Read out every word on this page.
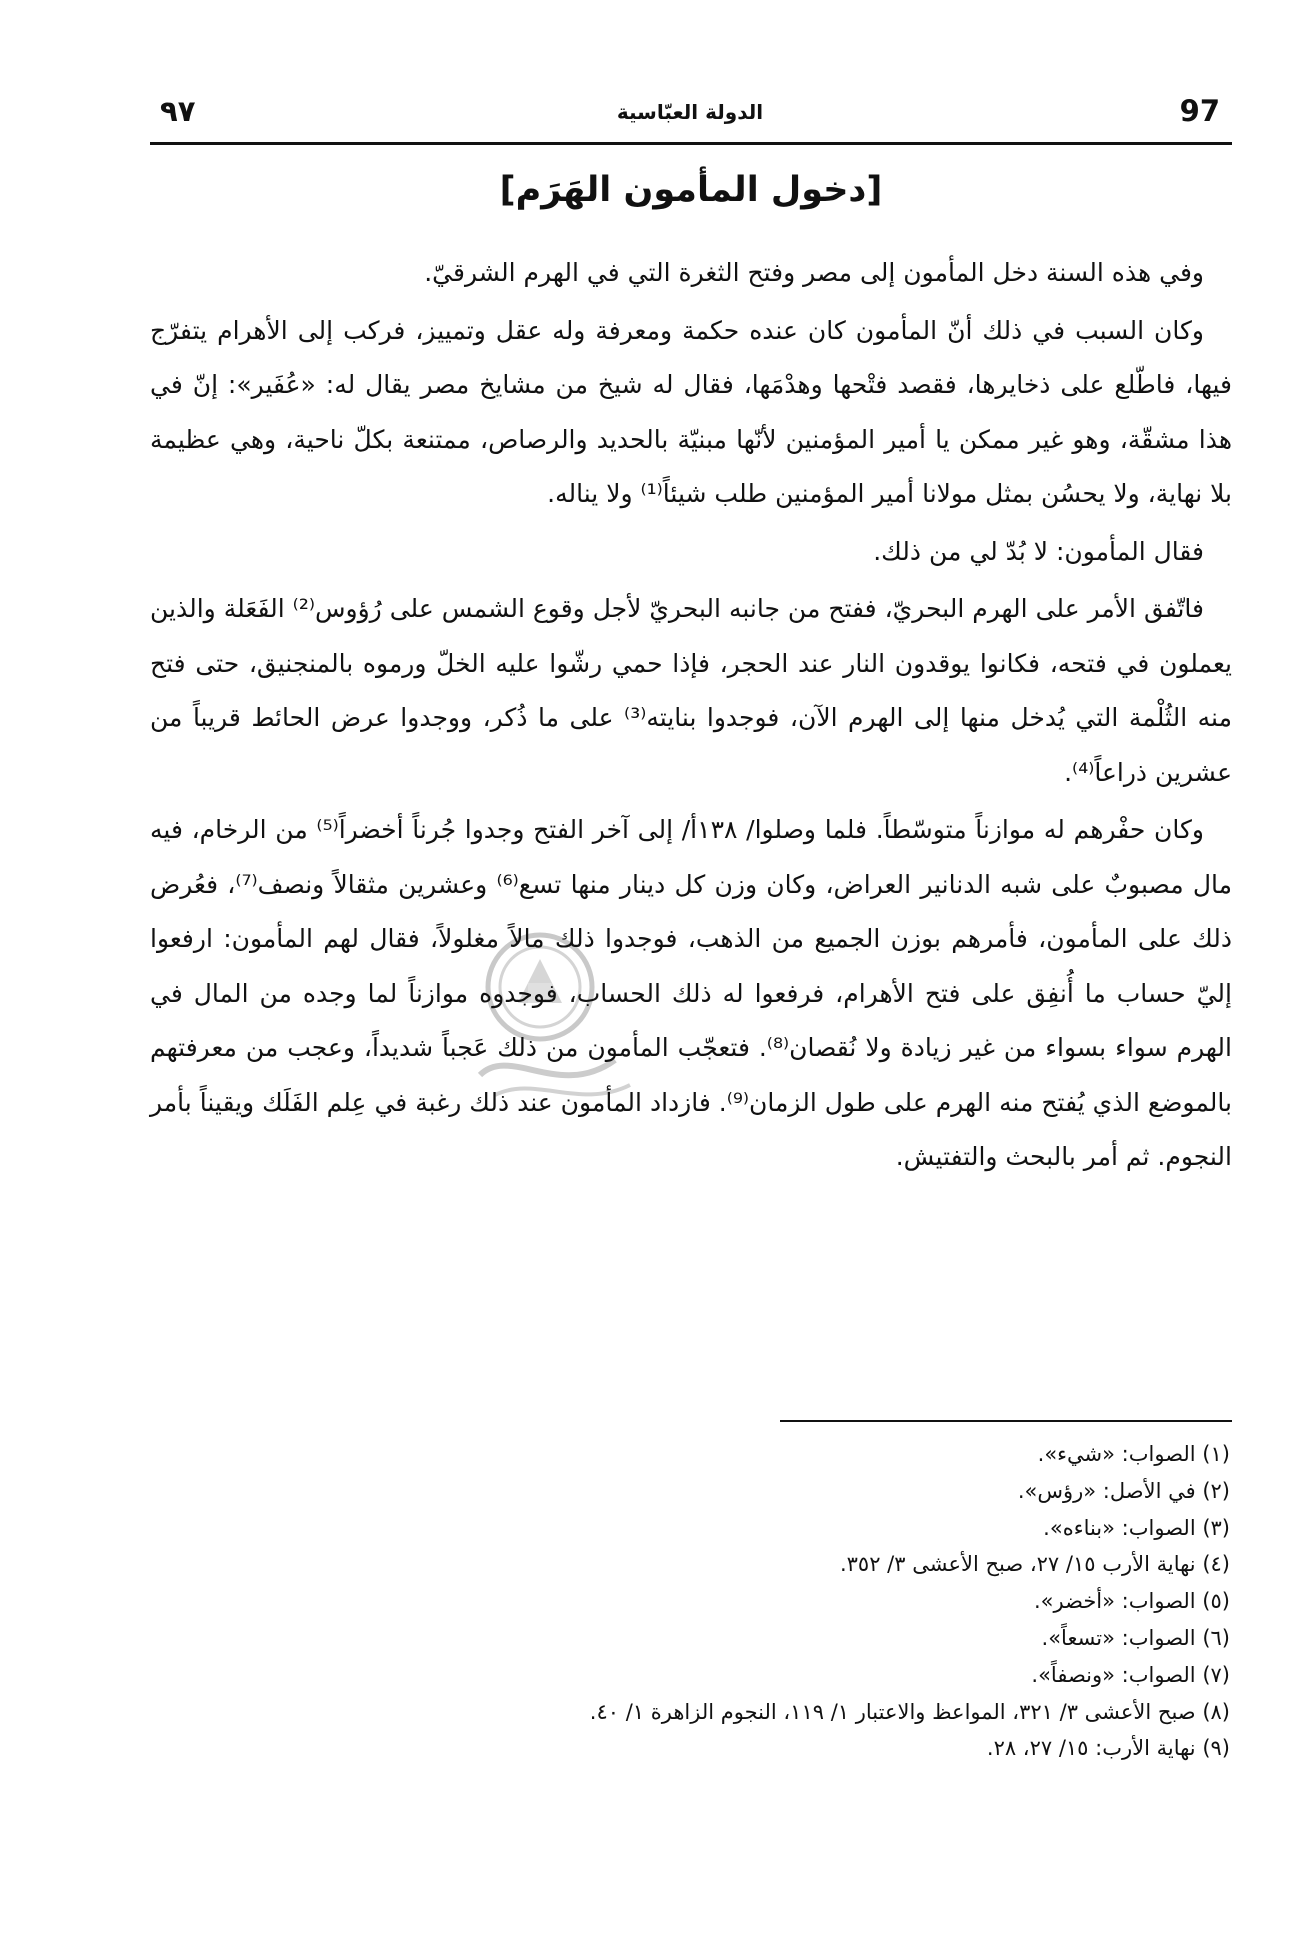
٩٧	الدولة العبّاسية	97
[دخول المأمون الهَرَم]

وفي هذه السنة دخل المأمون إلى مصر وفتح الثغرة التي في الهرم الشرقيّ.

وكان السبب في ذلك أنّ المأمون كان عنده حكمة ومعرفة وله عقل وتمييز، فركب إلى الأهرام يتفرّج فيها، فاطّلع على ذخايرها، فقصد فتْحها وهدْمَها، فقال له شيخ من مشايخ مصر يقال له: «عُفَير»: إنّ في هذا مشقّة، وهو غير ممكن يا أمير المؤمنين لأنّها مبنيّة بالحديد والرصاص، ممتنعة بكلّ ناحية، وهي عظيمة بلا نهاية، ولا يحسُن بمثل مولانا أمير المؤمنين طلب شيئاً⁽¹⁾ ولا يناله.

فقال المأمون: لا بُدّ لي من ذلك.

فاتّفق الأمر على الهرم البحريّ، ففتح من جانبه البحريّ لأجل وقوع الشمس على رُؤوس⁽²⁾ الفَعَلة والذين يعملون في فتحه، فكانوا يوقدون النار عند الحجر، فإذا حمي رشّوا عليه الخلّ ورموه بالمنجنيق، حتى فتح منه الثُلْمة التي يُدخل منها إلى الهرم الآن، فوجدوا بنايته⁽³⁾ على ما ذُكر، ووجدوا عرض الحائط قريباً من عشرين ذراعاً⁽⁴⁾.

وكان حفْرهم له موازناً متوسّطاً. فلما وصلوا/ ١٣٨أ/ إلى آخر الفتح وجدوا جُرناً أخضراً⁽⁵⁾ من الرخام، فيه مال مصبوبٌ على شبه الدنانير العراض، وكان وزن كل دينار منها تسع⁽⁶⁾ وعشرين مثقالاً ونصف⁽⁷⁾، فعُرض ذلك على المأمون، فأمرهم بوزن الجميع من الذهب، فوجدوا ذلك مالاً مغلولاً، فقال لهم المأمون: ارفعوا إليّ حساب ما أُنفِق على فتح الأهرام، فرفعوا له ذلك الحساب، فوجدوه موازناً لما وجده من المال في الهرم سواء بسواء من غير زيادة ولا نُقصان⁽⁸⁾. فتعجّب المأمون من ذلك عَجباً شديداً، وعجب من معرفتهم بالموضع الذي يُفتح منه الهرم على طول الزمان⁽⁹⁾. فازداد المأمون عند ذلك رغبة في عِلم الفَلَك ويقيناً بأمر النجوم. ثم أمر بالبحث والتفتيش.

(١) الصواب: «شيء».
(٢) في الأصل: «رؤس».
(٣) الصواب: «بناءه».
(٤) نهاية الأرب ١٥/ ٢٧، صبح الأعشى ٣/ ٣٥٢.
(٥) الصواب: «أخضر».
(٦) الصواب: «تسعاً».
(٧) الصواب: «ونصفاً».
(٨) صبح الأعشى ٣/ ٣٢١، المواعظ والاعتبار ١/ ١١٩، النجوم الزاهرة ١/ ٤٠.
(٩) نهاية الأرب: ١٥/ ٢٧، ٢٨.
